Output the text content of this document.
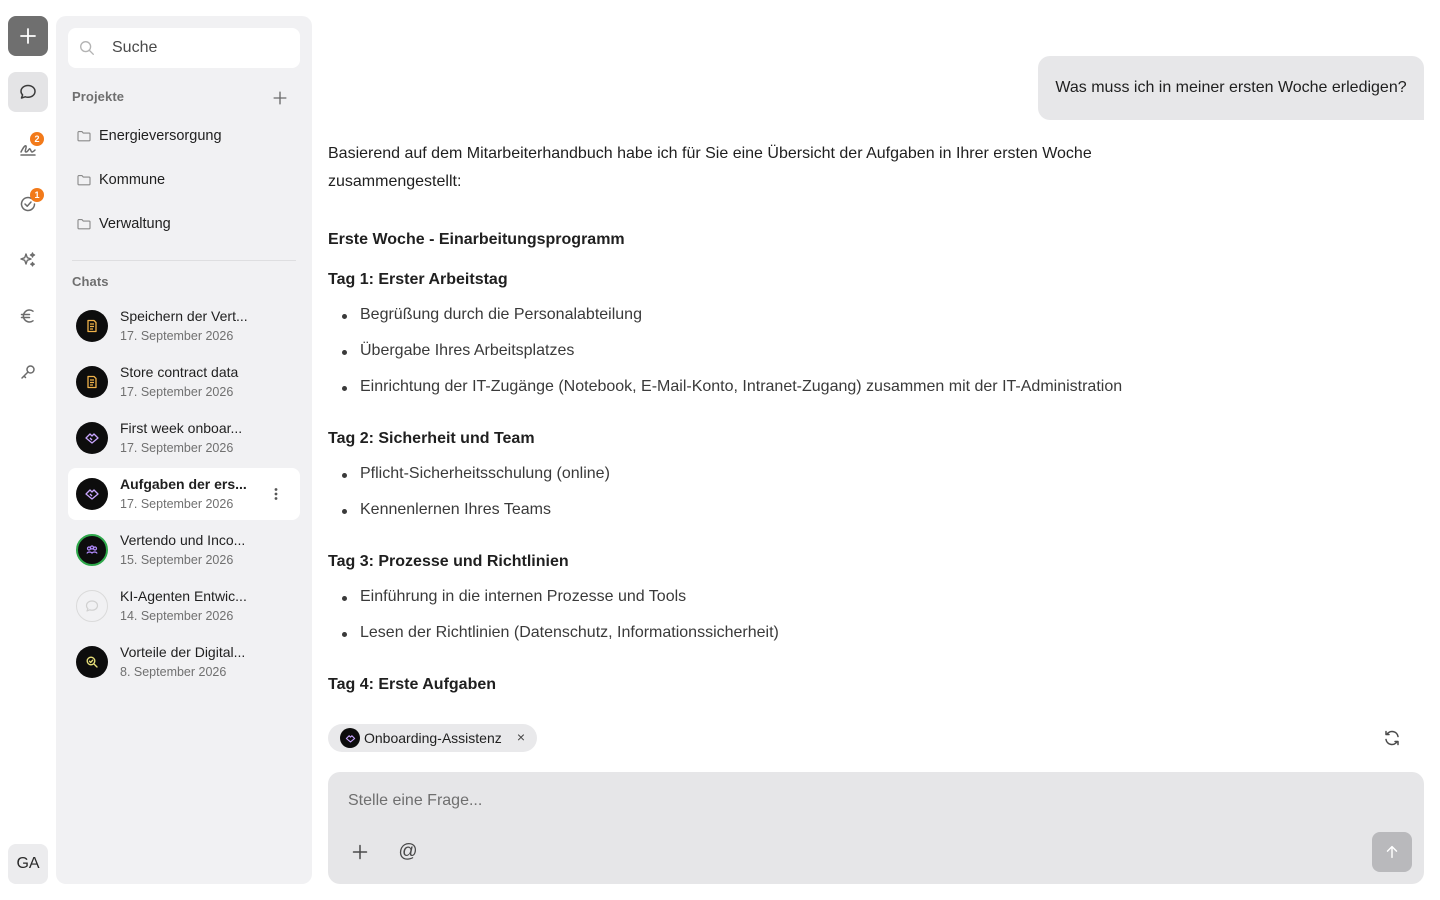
2
1
GA
Suche
Projekte
Energieversorgung
Kommune
Verwaltung
Chats
Speichern der Vert...
17. September 2026
Store contract data
17. September 2026
First week onboar...
17. September 2026
Aufgaben der ers...
17. September 2026
Vertendo und Inco...
15. September 2026
KI-Agenten Entwic...
14. September 2026
Vorteile der Digital...
8. September 2026
Was muss ich in meiner ersten Woche erledigen?

Basierend auf dem Mitarbeiterhandbuch habe ich für Sie eine Übersicht der Aufgaben in Ihrer ersten Woche zusammengestellt:

Erste Woche - Einarbeitungsprogramm
Tag 1: Erster Arbeitstag
Begrüßung durch die Personalabteilung
Übergabe Ihres Arbeitsplatzes
Einrichtung der IT-Zugänge (Notebook, E-Mail-Konto, Intranet-Zugang) zusammen mit der IT-Administration
Tag 2: Sicherheit und Team
Pflicht-Sicherheitsschulung (online)
Kennenlernen Ihres Teams
Tag 3: Prozesse und Richtlinien
Einführung in die internen Prozesse und Tools
Lesen der Richtlinien (Datenschutz, Informationssicherheit)
Tag 4: Erste Aufgaben
Onboarding-Assistenz ×
Stelle eine Frage...
@
